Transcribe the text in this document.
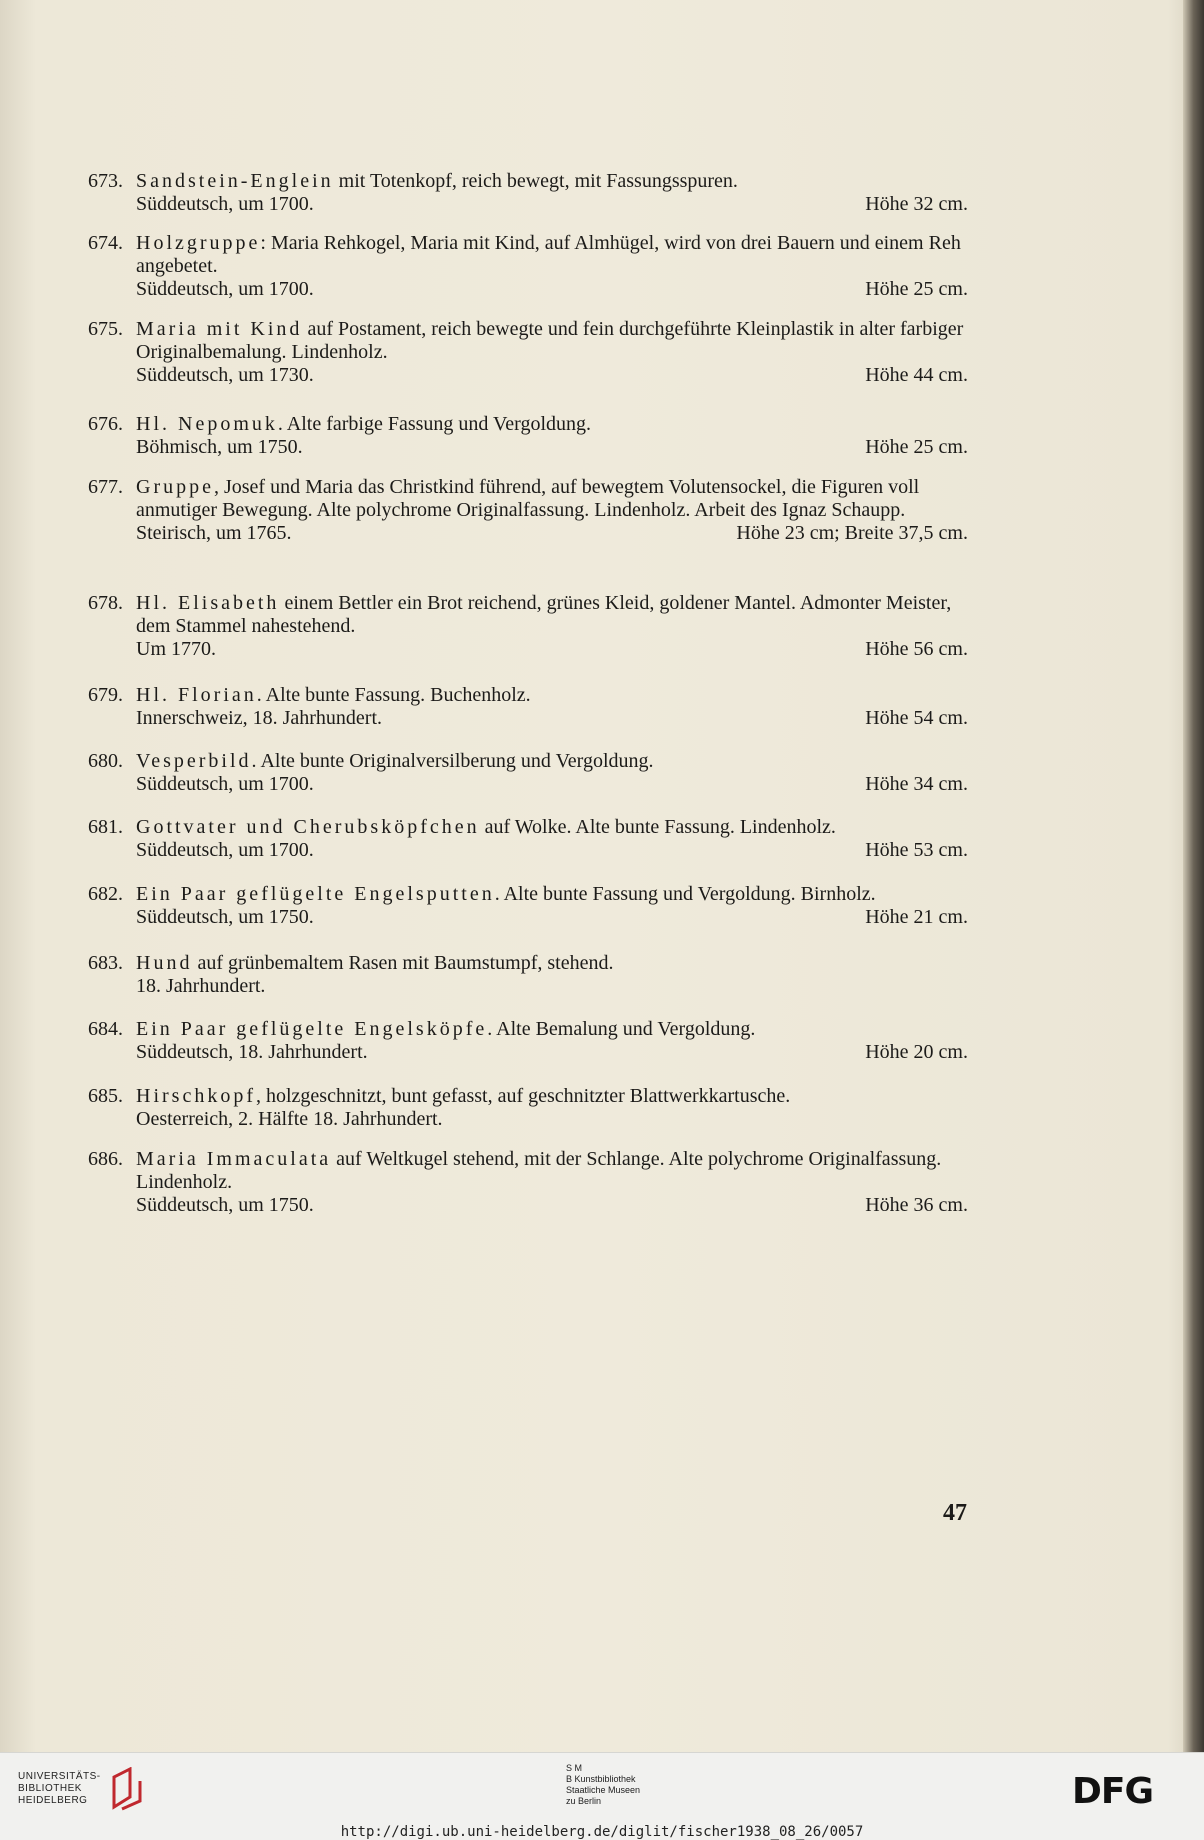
673. Sandstein-Englein mit Totenkopf, reich bewegt, mit Fassungsspuren.
Süddeutsch, um 1700.	Höhe 32 cm.
674. Holzgruppe: Maria Rehkogel, Maria mit Kind, auf Almhügel, wird von drei Bauern und einem Reh angebetet.
Süddeutsch, um 1700.	Höhe 25 cm.
675. Maria mit Kind auf Postament, reich bewegte und fein durchgeführte Kleinplastik in alter farbiger Originalbemalung. Lindenholz.
Süddeutsch, um 1730.	Höhe 44 cm.
676. Hl. Nepomuk. Alte farbige Fassung und Vergoldung.
Böhmisch, um 1750.	Höhe 25 cm.
677. Gruppe, Josef und Maria das Christkind führend, auf bewegtem Volutensockel, die Figuren voll anmutiger Bewegung. Alte polychrome Originalfassung. Lindenholz. Arbeit des Ignaz Schaupp.
Steirisch, um 1765.	Höhe 23 cm; Breite 37,5 cm.
678. Hl. Elisabeth einem Bettler ein Brot reichend, grünes Kleid, goldener Mantel. Admonter Meister, dem Stammel nahestehend.
Um 1770.	Höhe 56 cm.
679. Hl. Florian. Alte bunte Fassung. Buchenholz.
Innerschweiz, 18. Jahrhundert.	Höhe 54 cm.
680. Vesperbild. Alte bunte Originalversilberung und Vergoldung.
Süddeutsch, um 1700.	Höhe 34 cm.
681. Gottvater und Cherubsköpfchen auf Wolke. Alte bunte Fassung. Lindenholz.
Süddeutsch, um 1700.	Höhe 53 cm.
682. Ein Paar geflügelte Engelsputten. Alte bunte Fassung und Vergoldung. Birnholz.
Süddeutsch, um 1750.	Höhe 21 cm.
683. Hund auf grünbemaltem Rasen mit Baumstumpf, stehend.
18. Jahrhundert.
684. Ein Paar geflügelte Engelsköpfe. Alte Bemalung und Vergoldung.
Süddeutsch, 18. Jahrhundert.	Höhe 20 cm.
685. Hirschkopf, holzgeschnitzt, bunt gefasst, auf geschnitzter Blattwerkkartusche.
Oesterreich, 2. Hälfte 18. Jahrhundert.
686. Maria Immaculata auf Weltkugel stehend, mit der Schlange. Alte polychrome Originalfassung. Lindenholz.
Süddeutsch, um 1750.	Höhe 36 cm.
47
UNIVERSITÄTS-
BIBLIOTHEK
HEIDELBERG
S M
B Kunstbibliothek
Staatliche Museen
zu Berlin	DFG
http://digi.ub.uni-heidelberg.de/diglit/fischer1938_08_26/0057
